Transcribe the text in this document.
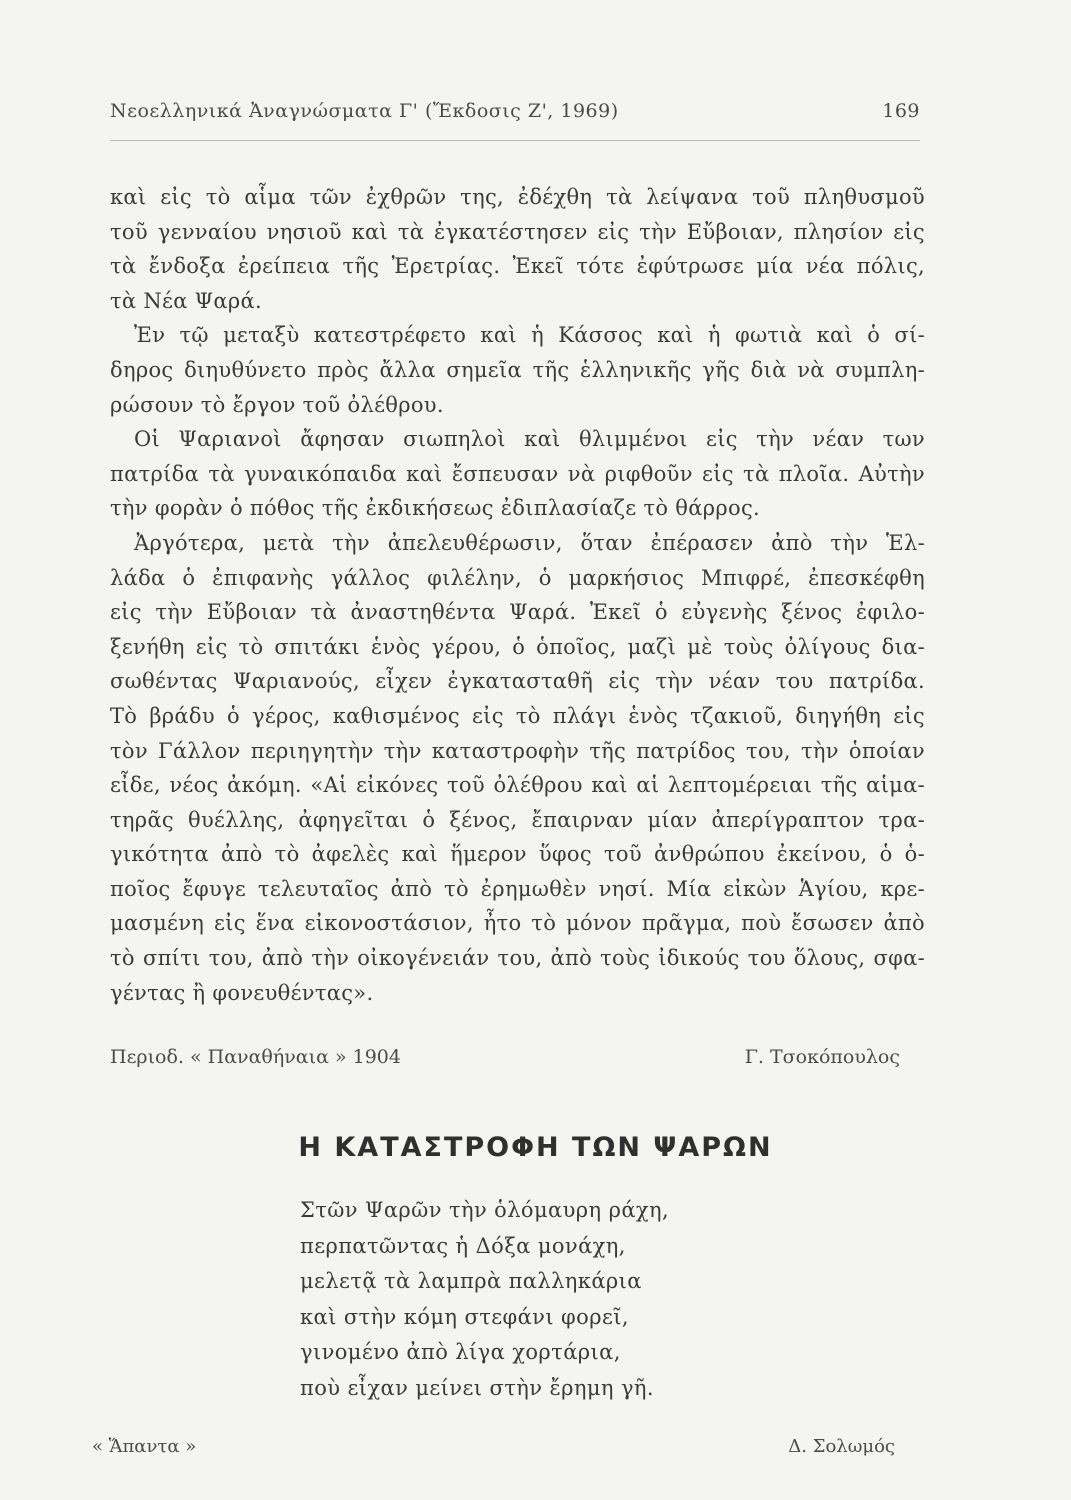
Νεοελληνικά Ἀναγνώσματα Γ' (Ἔκδοσις Ζ', 1969)	169
καὶ εἰς τὸ αἷμα τῶν ἐχθρῶν της, ἐδέχθη τὰ λείψανα τοῦ πληθυσμοῦ
τοῦ γενναίου νησιοῦ καὶ τὰ ἐγκατέστησεν εἰς τὴν Εὔβοιαν, πλησίον εἰς
τὰ ἔνδοξα ἐρείπεια τῆς Ἐρετρίας. Ἐκεῖ τότε ἐφύτρωσε μία νέα πόλις,
τὰ Νέα Ψαρά.
Ἐν τῷ μεταξὺ κατεστρέφετο καὶ ἡ Κάσσος καὶ ἡ φωτιὰ καὶ ὁ σί-
δηρος διηυθύνετο πρὸς ἄλλα σημεῖα τῆς ἑλληνικῆς γῆς διὰ νὰ συμπλη-
ρώσουν τὸ ἔργον τοῦ ὀλέθρου.
Οἱ Ψαριανοὶ ἄφησαν σιωπηλοὶ καὶ θλιμμένοι εἰς τὴν νέαν των
πατρίδα τὰ γυναικόπαιδα καὶ ἔσπευσαν νὰ ριφθοῦν εἰς τὰ πλοῖα. Αὐτὴν
τὴν φορὰν ὁ πόθος τῆς ἐκδικήσεως ἐδιπλασίαζε τὸ θάρρος.
Ἀργότερα, μετὰ τὴν ἀπελευθέρωσιν, ὅταν ἐπέρασεν ἀπὸ τὴν Ἑλ-
λάδα ὁ ἐπιφανὴς γάλλος φιλέλην, ὁ μαρκήσιος Μπιφρέ, ἐπεσκέφθη
εἰς τὴν Εὔβοιαν τὰ ἀναστηθέντα Ψαρά. Ἐκεῖ ὁ εὐγενὴς ξένος ἐφιλο-
ξενήθη εἰς τὸ σπιτάκι ἑνὸς γέρου, ὁ ὁποῖος, μαζὶ μὲ τοὺς ὀλίγους δια-
σωθέντας Ψαριανούς, εἶχεν ἐγκατασταθῆ εἰς τὴν νέαν του πατρίδα.
Τὸ βράδυ ὁ γέρος, καθισμένος εἰς τὸ πλάγι ἑνὸς τζακιοῦ, διηγήθη εἰς
τὸν Γάλλον περιηγητὴν τὴν καταστροφὴν τῆς πατρίδος του, τὴν ὁποίαν
εἶδε, νέος ἀκόμη. «Αἱ εἰκόνες τοῦ ὀλέθρου καὶ αἱ λεπτομέρειαι τῆς αἱμα-
τηρᾶς θυέλλης, ἀφηγεῖται ὁ ξένος, ἔπαιρναν μίαν ἀπερίγραπτον τρα-
γικότητα ἀπὸ τὸ ἀφελὲς καὶ ἥμερον ὕφος τοῦ ἀνθρώπου ἐκείνου, ὁ ὁ-
ποῖος ἔφυγε τελευταῖος ἀπὸ τὸ ἐρημωθὲν νησί. Μία εἰκὼν Ἁγίου, κρε-
μασμένη εἰς ἕνα εἰκονοστάσιον, ἦτο τὸ μόνον πρᾶγμα, ποὺ ἔσωσεν ἀπὸ
τὸ σπίτι του, ἀπὸ τὴν οἰκογένειάν του, ἀπὸ τοὺς ἰδικούς του ὅλους, σφα-
γέντας ἢ φονευθέντας».
Περιοδ. « Παναθήναια » 1904	Γ. Τσοκόπουλος
Η ΚΑΤΑΣΤΡΟΦΗ ΤΩΝ ΨΑΡΩΝ
Στῶν Ψαρῶν τὴν ὁλόμαυρη ράχη,
περπατῶντας ἡ Δόξα μονάχη,
μελετᾷ τὰ λαμπρὰ παλληκάρια
καὶ στὴν κόμη στεφάνι φορεῖ,
γινομένο ἀπὸ λίγα χορτάρια,
ποὺ εἶχαν μείνει στὴν ἔρημη γῆ.
« Ἅπαντα »	Δ. Σολωμός
